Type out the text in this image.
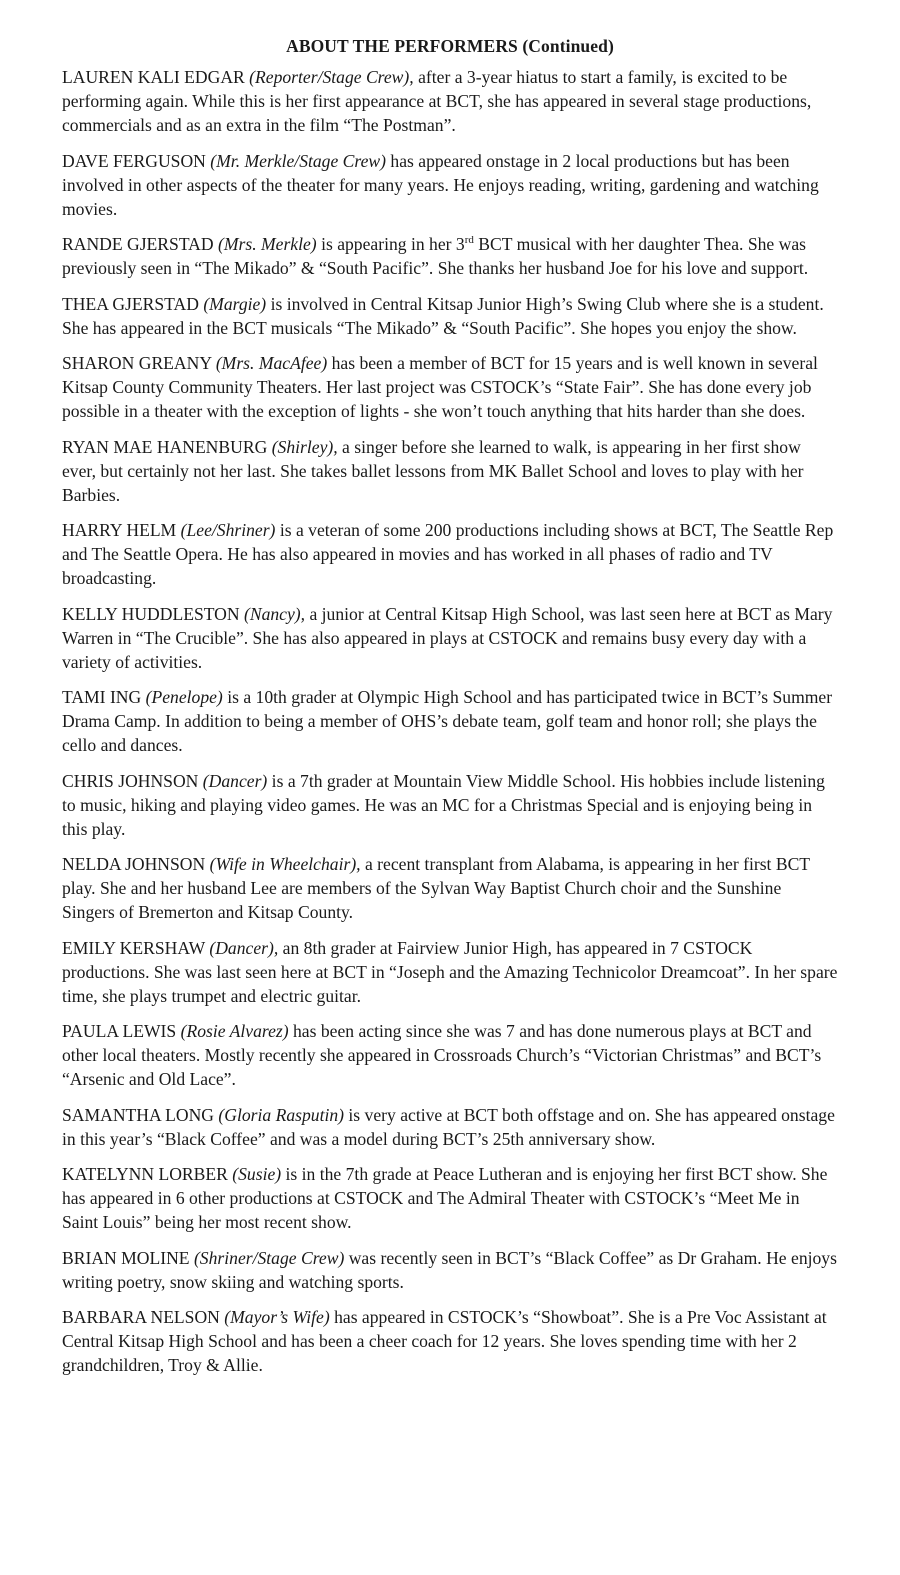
ABOUT THE PERFORMERS (Continued)

LAUREN KALI EDGAR (Reporter/Stage Crew), after a 3-year hiatus to start a family, is excited to be performing again. While this is her first appearance at BCT, she has appeared in several stage productions, commercials and as an extra in the film “The Postman”.

DAVE FERGUSON (Mr. Merkle/Stage Crew) has appeared onstage in 2 local productions but has been involved in other aspects of the theater for many years. He enjoys reading, writing, gardening and watching movies.

RANDE GJERSTAD (Mrs. Merkle) is appearing in her 3rd BCT musical with her daughter Thea. She was previously seen in “The Mikado” & “South Pacific”. She thanks her husband Joe for his love and support.

THEA GJERSTAD (Margie) is involved in Central Kitsap Junior High’s Swing Club where she is a student. She has appeared in the BCT musicals “The Mikado” & “South Pacific”. She hopes you enjoy the show.

SHARON GREANY (Mrs. MacAfee) has been a member of BCT for 15 years and is well known in several Kitsap County Community Theaters. Her last project was CSTOCK’s “State Fair”. She has done every job possible in a theater with the exception of lights - she won’t touch anything that hits harder than she does.

RYAN MAE HANENBURG (Shirley), a singer before she learned to walk, is appearing in her first show ever, but certainly not her last. She takes ballet lessons from MK Ballet School and loves to play with her Barbies.

HARRY HELM (Lee/Shriner) is a veteran of some 200 productions including shows at BCT, The Seattle Rep and The Seattle Opera. He has also appeared in movies and has worked in all phases of radio and TV broadcasting.

KELLY HUDDLESTON (Nancy), a junior at Central Kitsap High School, was last seen here at BCT as Mary Warren in “The Crucible”. She has also appeared in plays at CSTOCK and remains busy every day with a variety of activities.

TAMI ING (Penelope) is a 10th grader at Olympic High School and has participated twice in BCT’s Summer Drama Camp. In addition to being a member of OHS’s debate team, golf team and honor roll; she plays the cello and dances.

CHRIS JOHNSON (Dancer) is a 7th grader at Mountain View Middle School. His hobbies include listening to music, hiking and playing video games. He was an MC for a Christmas Special and is enjoying being in this play.

NELDA JOHNSON (Wife in Wheelchair), a recent transplant from Alabama, is appearing in her first BCT play. She and her husband Lee are members of the Sylvan Way Baptist Church choir and the Sunshine Singers of Bremerton and Kitsap County.

EMILY KERSHAW (Dancer), an 8th grader at Fairview Junior High, has appeared in 7 CSTOCK productions. She was last seen here at BCT in “Joseph and the Amazing Technicolor Dreamcoat”. In her spare time, she plays trumpet and electric guitar.

PAULA LEWIS (Rosie Alvarez) has been acting since she was 7 and has done numerous plays at BCT and other local theaters. Mostly recently she appeared in Crossroads Church’s “Victorian Christmas” and BCT’s “Arsenic and Old Lace”.

SAMANTHA LONG (Gloria Rasputin) is very active at BCT both offstage and on. She has appeared onstage in this year’s “Black Coffee” and was a model during BCT’s 25th anniversary show.

KATELYNN LORBER (Susie) is in the 7th grade at Peace Lutheran and is enjoying her first BCT show. She has appeared in 6 other productions at CSTOCK and The Admiral Theater with CSTOCK’s “Meet Me in Saint Louis” being her most recent show.

BRIAN MOLINE (Shriner/Stage Crew) was recently seen in BCT’s “Black Coffee” as Dr Graham. He enjoys writing poetry, snow skiing and watching sports.

BARBARA NELSON (Mayor’s Wife) has appeared in CSTOCK’s “Showboat”. She is a Pre Voc Assistant at Central Kitsap High School and has been a cheer coach for 12 years. She loves spending time with her 2 grandchildren, Troy & Allie.
